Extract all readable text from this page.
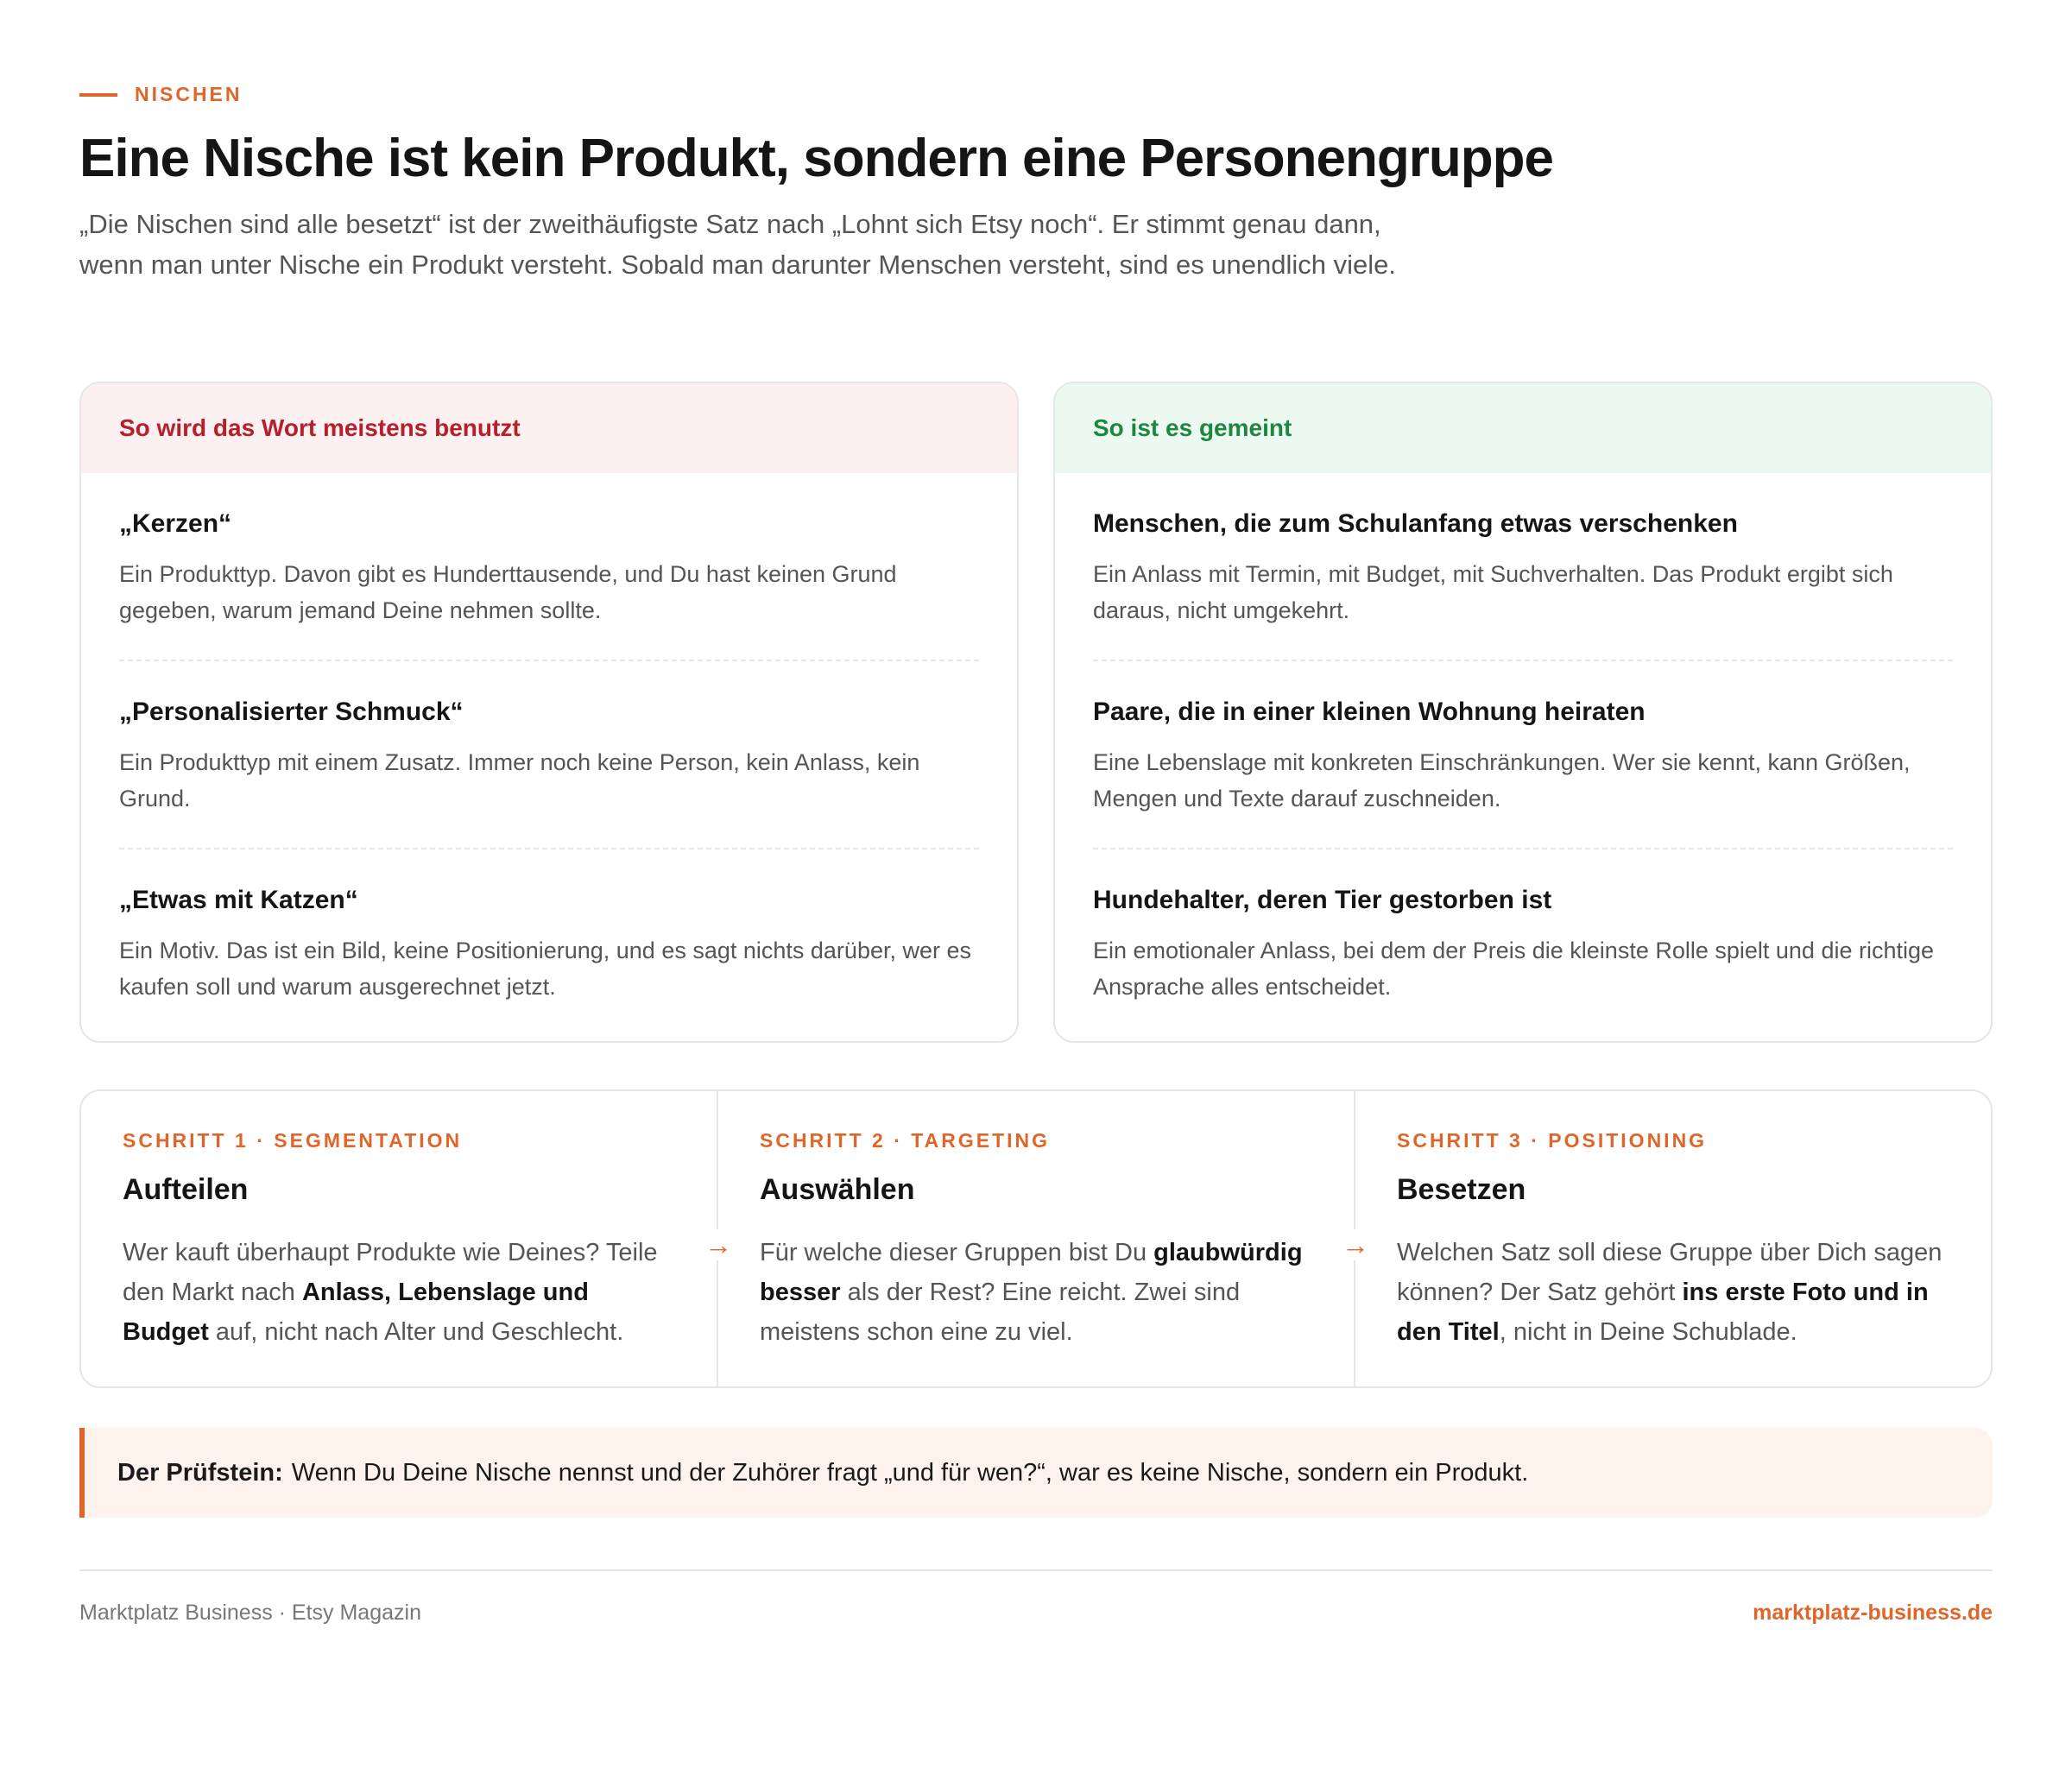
NISCHEN
Eine Nische ist kein Produkt, sondern eine Personengruppe

„Die Nischen sind alle besetzt“ ist der zweithäufigste Satz nach „Lohnt sich Etsy noch“. Er stimmt genau dann, wenn man unter Nische ein Produkt versteht. Sobald man darunter Menschen versteht, sind es unendlich viele.

So wird das Wort meistens benutzt
„Kerzen“
Ein Produkttyp. Davon gibt es Hunderttausende, und Du hast keinen Grund gegeben, warum jemand Deine nehmen sollte.
„Personalisierter Schmuck“
Ein Produkttyp mit einem Zusatz. Immer noch keine Person, kein Anlass, kein Grund.
„Etwas mit Katzen“
Ein Motiv. Das ist ein Bild, keine Positionierung, und es sagt nichts darüber, wer es kaufen soll und warum ausgerechnet jetzt.
So ist es gemeint
Menschen, die zum Schulanfang etwas verschenken
Ein Anlass mit Termin, mit Budget, mit Suchverhalten. Das Produkt ergibt sich daraus, nicht umgekehrt.
Paare, die in einer kleinen Wohnung heiraten
Eine Lebenslage mit konkreten Einschränkungen. Wer sie kennt, kann Größen, Mengen und Texte darauf zuschneiden.
Hundehalter, deren Tier gestorben ist
Ein emotionaler Anlass, bei dem der Preis die kleinste Rolle spielt und die richtige Ansprache alles entscheidet.
SCHRITT 1 · SEGMENTATION
Aufteilen
Wer kauft überhaupt Produkte wie Deines? Teile den Markt nach Anlass, Lebenslage und Budget auf, nicht nach Alter und Geschlecht.
→
SCHRITT 2 · TARGETING
Auswählen
Für welche dieser Gruppen bist Du glaubwürdig besser als der Rest? Eine reicht. Zwei sind meistens schon eine zu viel.
→
SCHRITT 3 · POSITIONING
Besetzen
Welchen Satz soll diese Gruppe über Dich sagen können? Der Satz gehört ins erste Foto und in den Titel, nicht in Deine Schublade.
Der Prüfstein: Wenn Du Deine Nische nennst und der Zuhörer fragt „und für wen?“, war es keine Nische, sondern ein Produkt.
Marktplatz Business · Etsy Magazin	marktplatz-business.de
